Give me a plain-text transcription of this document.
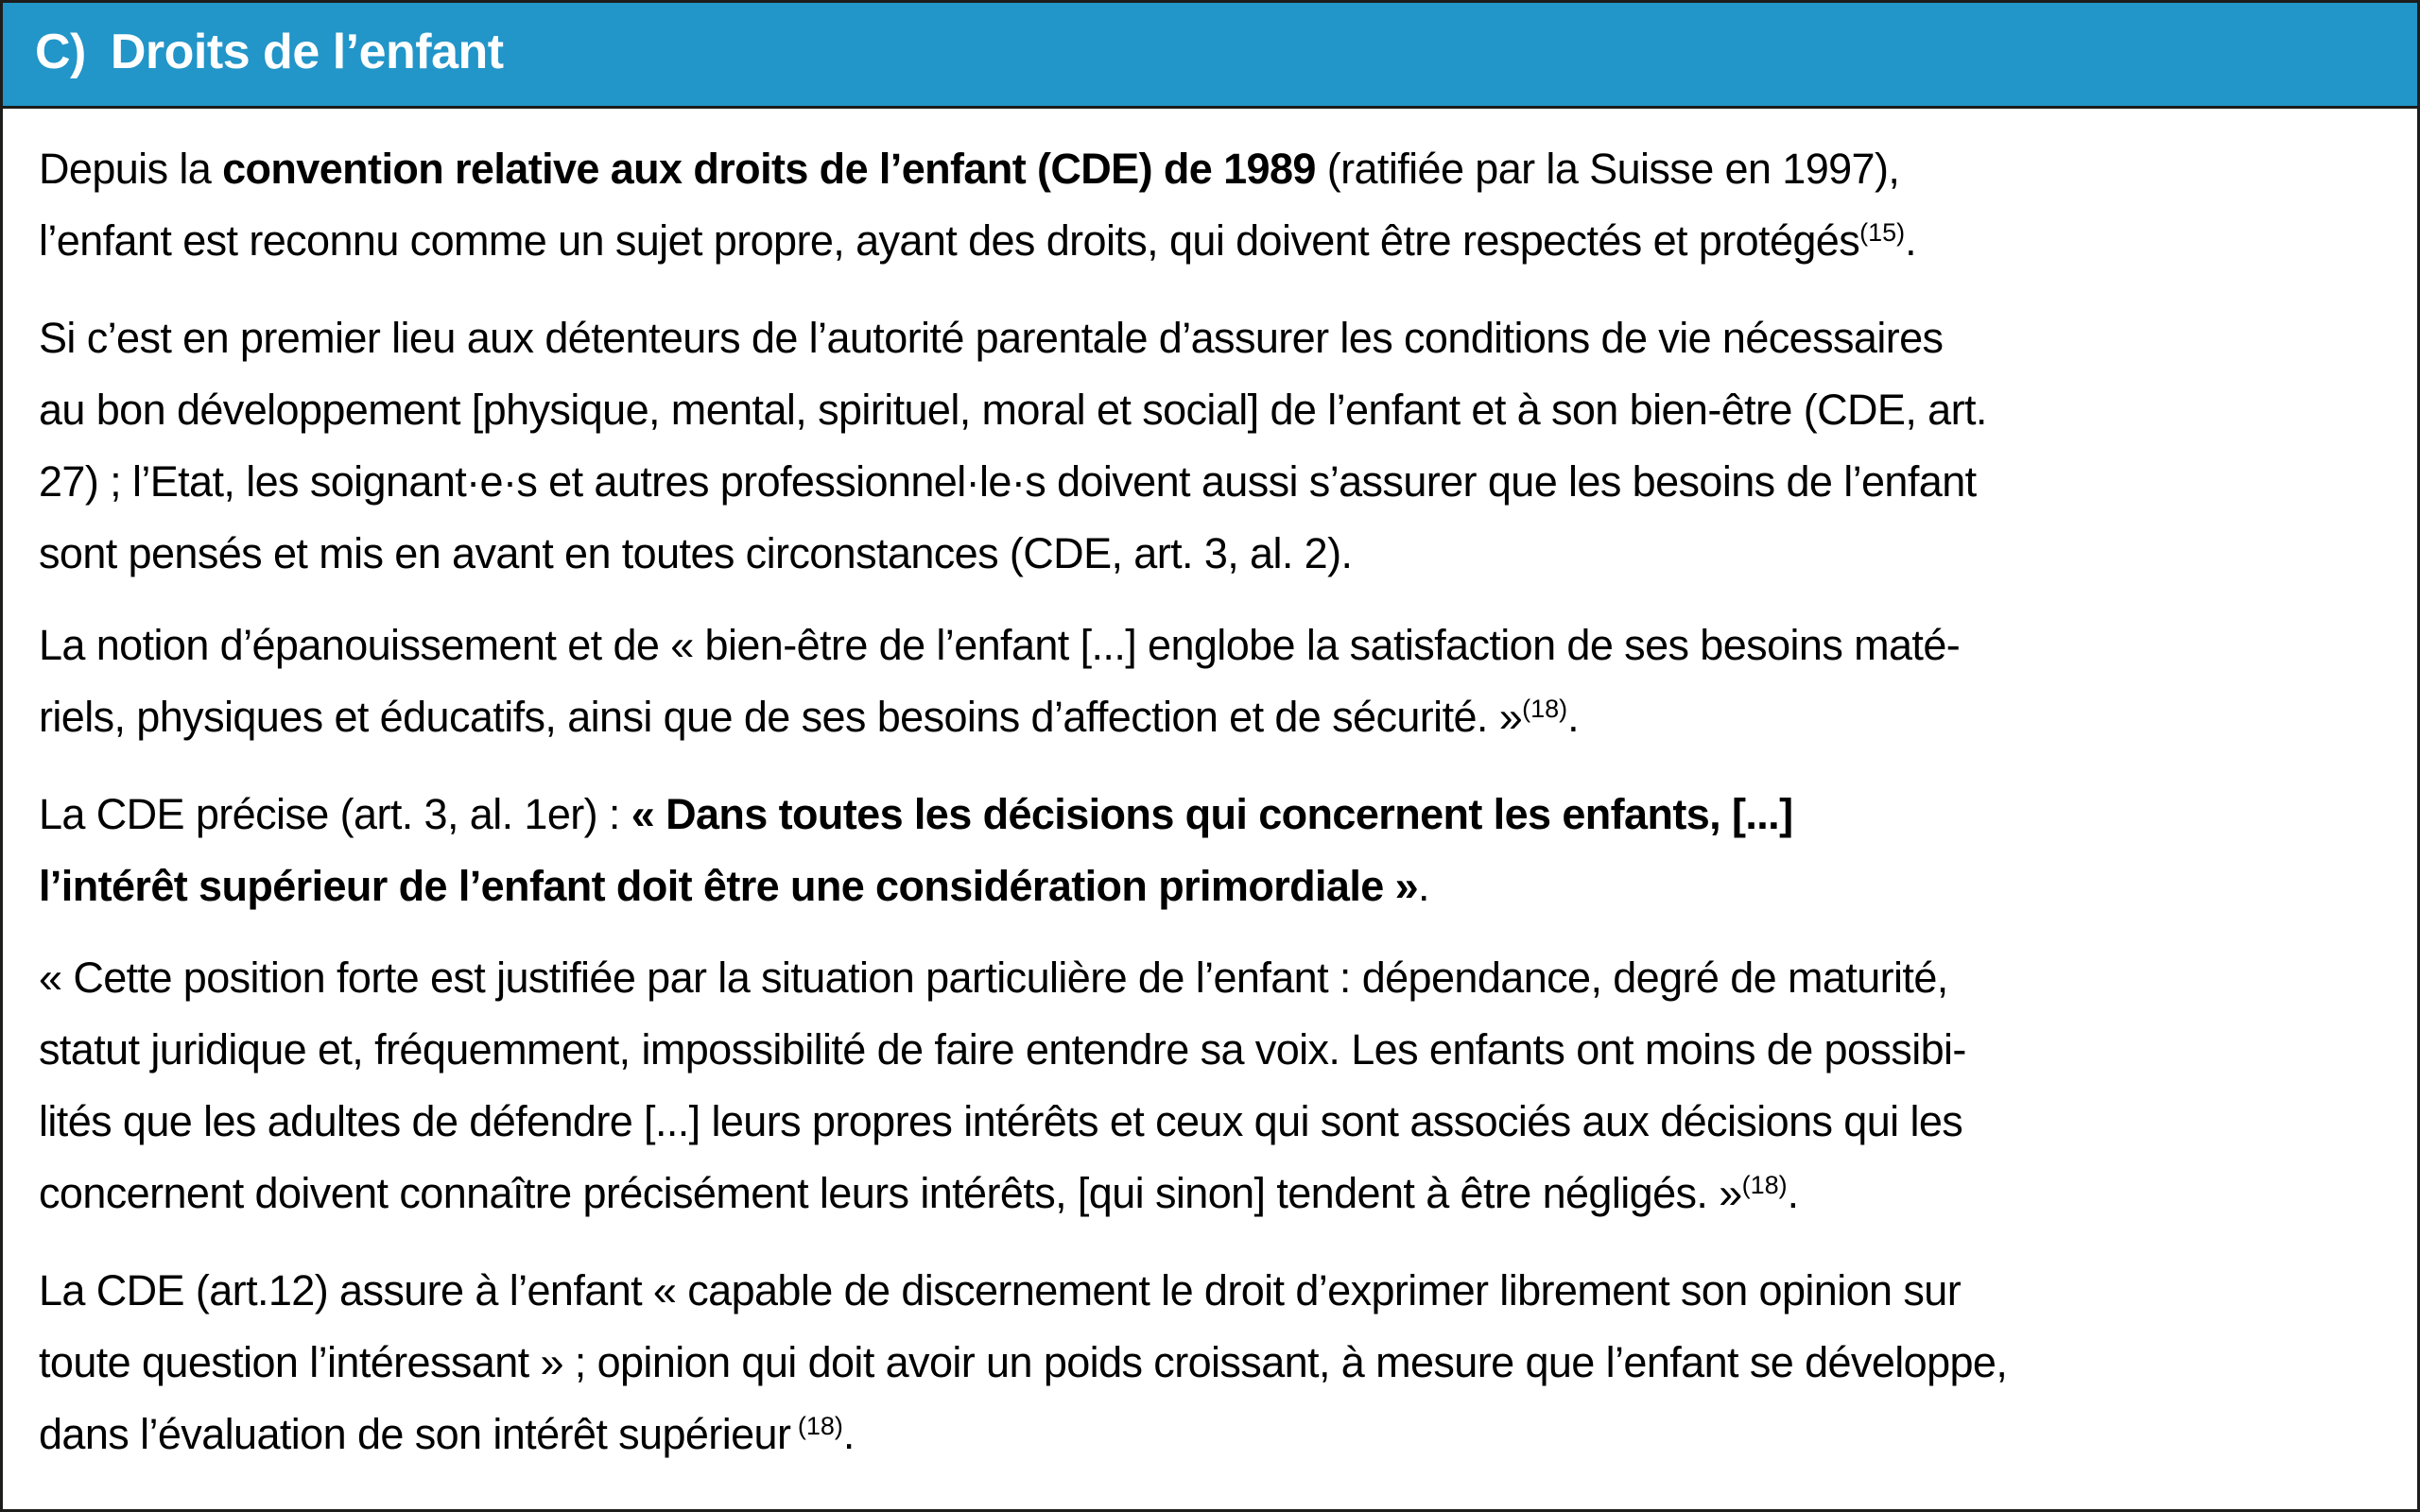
C) Droits de l’enfant
Depuis la convention relative aux droits de l’enfant (CDE) de 1989 (ratifiée par la Suisse en 1997),
l’enfant est reconnu comme un sujet propre, ayant des droits, qui doivent être respectés et protégés$^{(15)}$.
Si c’est en premier lieu aux détenteurs de l’autorité parentale d’assurer les conditions de vie nécessaires
au bon développement [physique, mental, spirituel, moral et social] de l’enfant et à son bien-être (CDE, art.
27) ; l’Etat, les soignant·e·s et autres professionnel·le·s doivent aussi s’assurer que les besoins de l’enfant
sont pensés et mis en avant en toutes circonstances (CDE, art. 3, al. 2).
La notion d’épanouissement et de « bien-être de l’enfant [...] englobe la satisfaction de ses besoins maté-
riels, physiques et éducatifs, ainsi que de ses besoins d’affection et de sécurité. »$^{(18)}$.
La CDE précise (art. 3, al. 1er) : « Dans toutes les décisions qui concernent les enfants, [...]
l’intérêt supérieur de l’enfant doit être une considération primordiale ».
« Cette position forte est justifiée par la situation particulière de l’enfant : dépendance, degré de maturité,
statut juridique et, fréquemment, impossibilité de faire entendre sa voix. Les enfants ont moins de possibi-
lités que les adultes de défendre [...] leurs propres intérêts et ceux qui sont associés aux décisions qui les
concernent doivent connaître précisément leurs intérêts, [qui sinon] tendent à être négligés. »$^{(18)}$.
La CDE (art.12) assure à l’enfant « capable de discernement le droit d’exprimer librement son opinion sur
toute question l’intéressant » ; opinion qui doit avoir un poids croissant, à mesure que l’enfant se développe,
dans l’évaluation de son intérêt supérieur $^{(18)}$.
